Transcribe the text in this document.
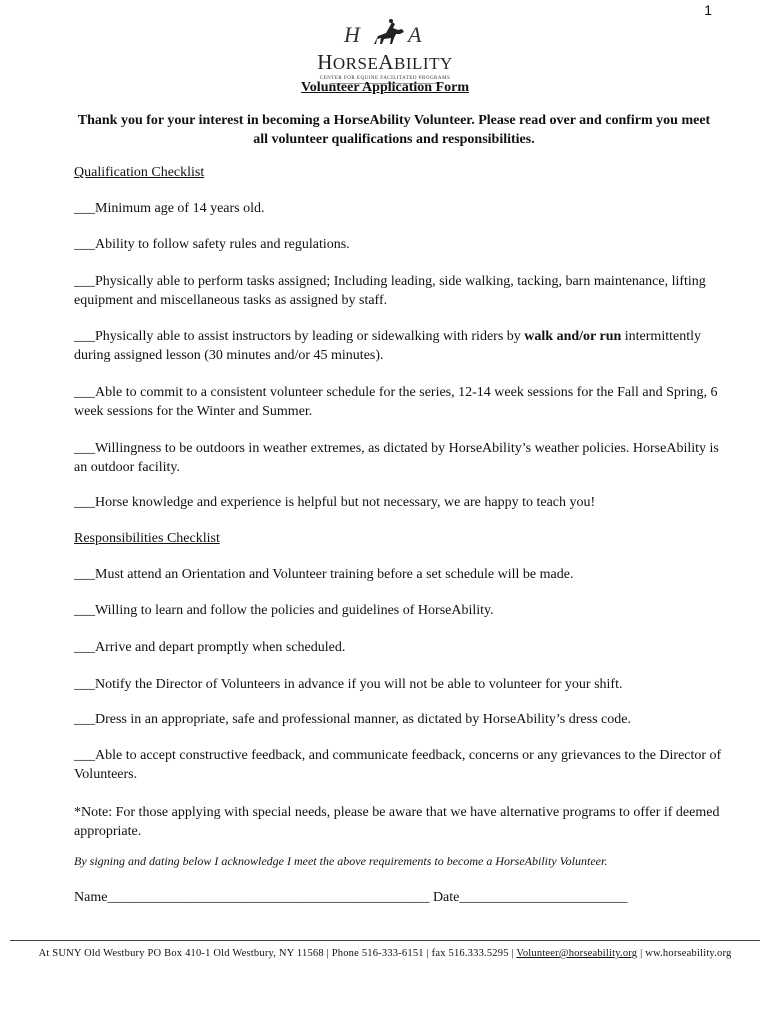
1
H A
HORSEABILITY
CENTER FOR EQUINE FACILITATED PROGRAMS
Volunteer Application Form
Thank you for your interest in becoming a HorseAbility Volunteer. Please read over and confirm you meet all volunteer qualifications and responsibilities.
Qualification Checklist
___ Minimum age of 14 years old.
___ Ability to follow safety rules and regulations.
___ Physically able to perform tasks assigned; Including leading, side walking, tacking, barn maintenance, lifting equipment and miscellaneous tasks as assigned by staff.
___ Physically able to assist instructors by leading or sidewalking with riders by walk and/or run intermittently during assigned lesson (30 minutes and/or 45 minutes).
___ Able to commit to a consistent volunteer schedule for the series, 12-14 week sessions for the Fall and Spring, 6 week sessions for the Winter and Summer.
___ Willingness to be outdoors in weather extremes, as dictated by HorseAbility’s weather policies. HorseAbility is an outdoor facility.
___ Horse knowledge and experience is helpful but not necessary, we are happy to teach you!
Responsibilities Checklist
___ Must attend an Orientation and Volunteer training before a set schedule will be made.
___ Willing to learn and follow the policies and guidelines of HorseAbility.
___ Arrive and depart promptly when scheduled.
___ Notify the Director of Volunteers in advance if you will not be able to volunteer for your shift.
___ Dress in an appropriate, safe and professional manner, as dictated by HorseAbility’s dress code.
___ Able to accept constructive feedback, and communicate feedback, concerns or any grievances to the Director of Volunteers.
*Note: For those applying with special needs, please be aware that we have alternative programs to offer if deemed appropriate.
By signing and dating below I acknowledge I meet the above requirements to become a HorseAbility Volunteer.
Name______________________________________________ Date________________________
At SUNY Old Westbury PO Box 410-1 Old Westbury, NY 11568 | Phone 516-333-6151 | fax 516.333.5295 | Volunteer@horseability.org | ww.horseability.org
